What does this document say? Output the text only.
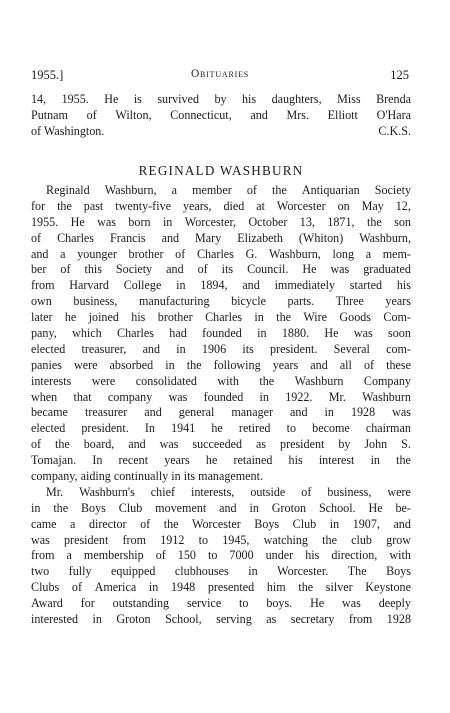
1955.]	Obituaries	125
14, 1955. He is survived by his daughters, Miss Brenda
Putnam of Wilton, Connecticut, and Mrs. Elliott O'Hara
of Washington.	C.K.S.
REGINALD WASHBURN
Reginald Washburn, a member of the Antiquarian Society
for the past twenty-five years, died at Worcester on May 12,
1955. He was born in Worcester, October 13, 1871, the son
of Charles Francis and Mary Elizabeth (Whiton) Washburn,
and a younger brother of Charles G. Washburn, long a mem-
ber of this Society and of its Council. He was graduated
from Harvard College in 1894, and immediately started his
own business, manufacturing bicycle parts. Three years
later he joined his brother Charles in the Wire Goods Com-
pany, which Charles had founded in 1880. He was soon
elected treasurer, and in 1906 its president. Several com-
panies were absorbed in the following years and all of these
interests were consolidated with the Washburn Company
when that company was founded in 1922. Mr. Washburn
became treasurer and general manager and in 1928 was
elected president. In 1941 he retired to become chairman
of the board, and was succeeded as president by John S.
Tomajan. In recent years he retained his interest in the
company, aiding continually in its management.
Mr. Washburn's chief interests, outside of business, were
in the Boys Club movement and in Groton School. He be-
came a director of the Worcester Boys Club in 1907, and
was president from 1912 to 1945, watching the club grow
from a membership of 150 to 7000 under his direction, with
two fully equipped clubhouses in Worcester. The Boys
Clubs of America in 1948 presented him the silver Keystone
Award for outstanding service to boys. He was deeply
interested in Groton School, serving as secretary from 1928
